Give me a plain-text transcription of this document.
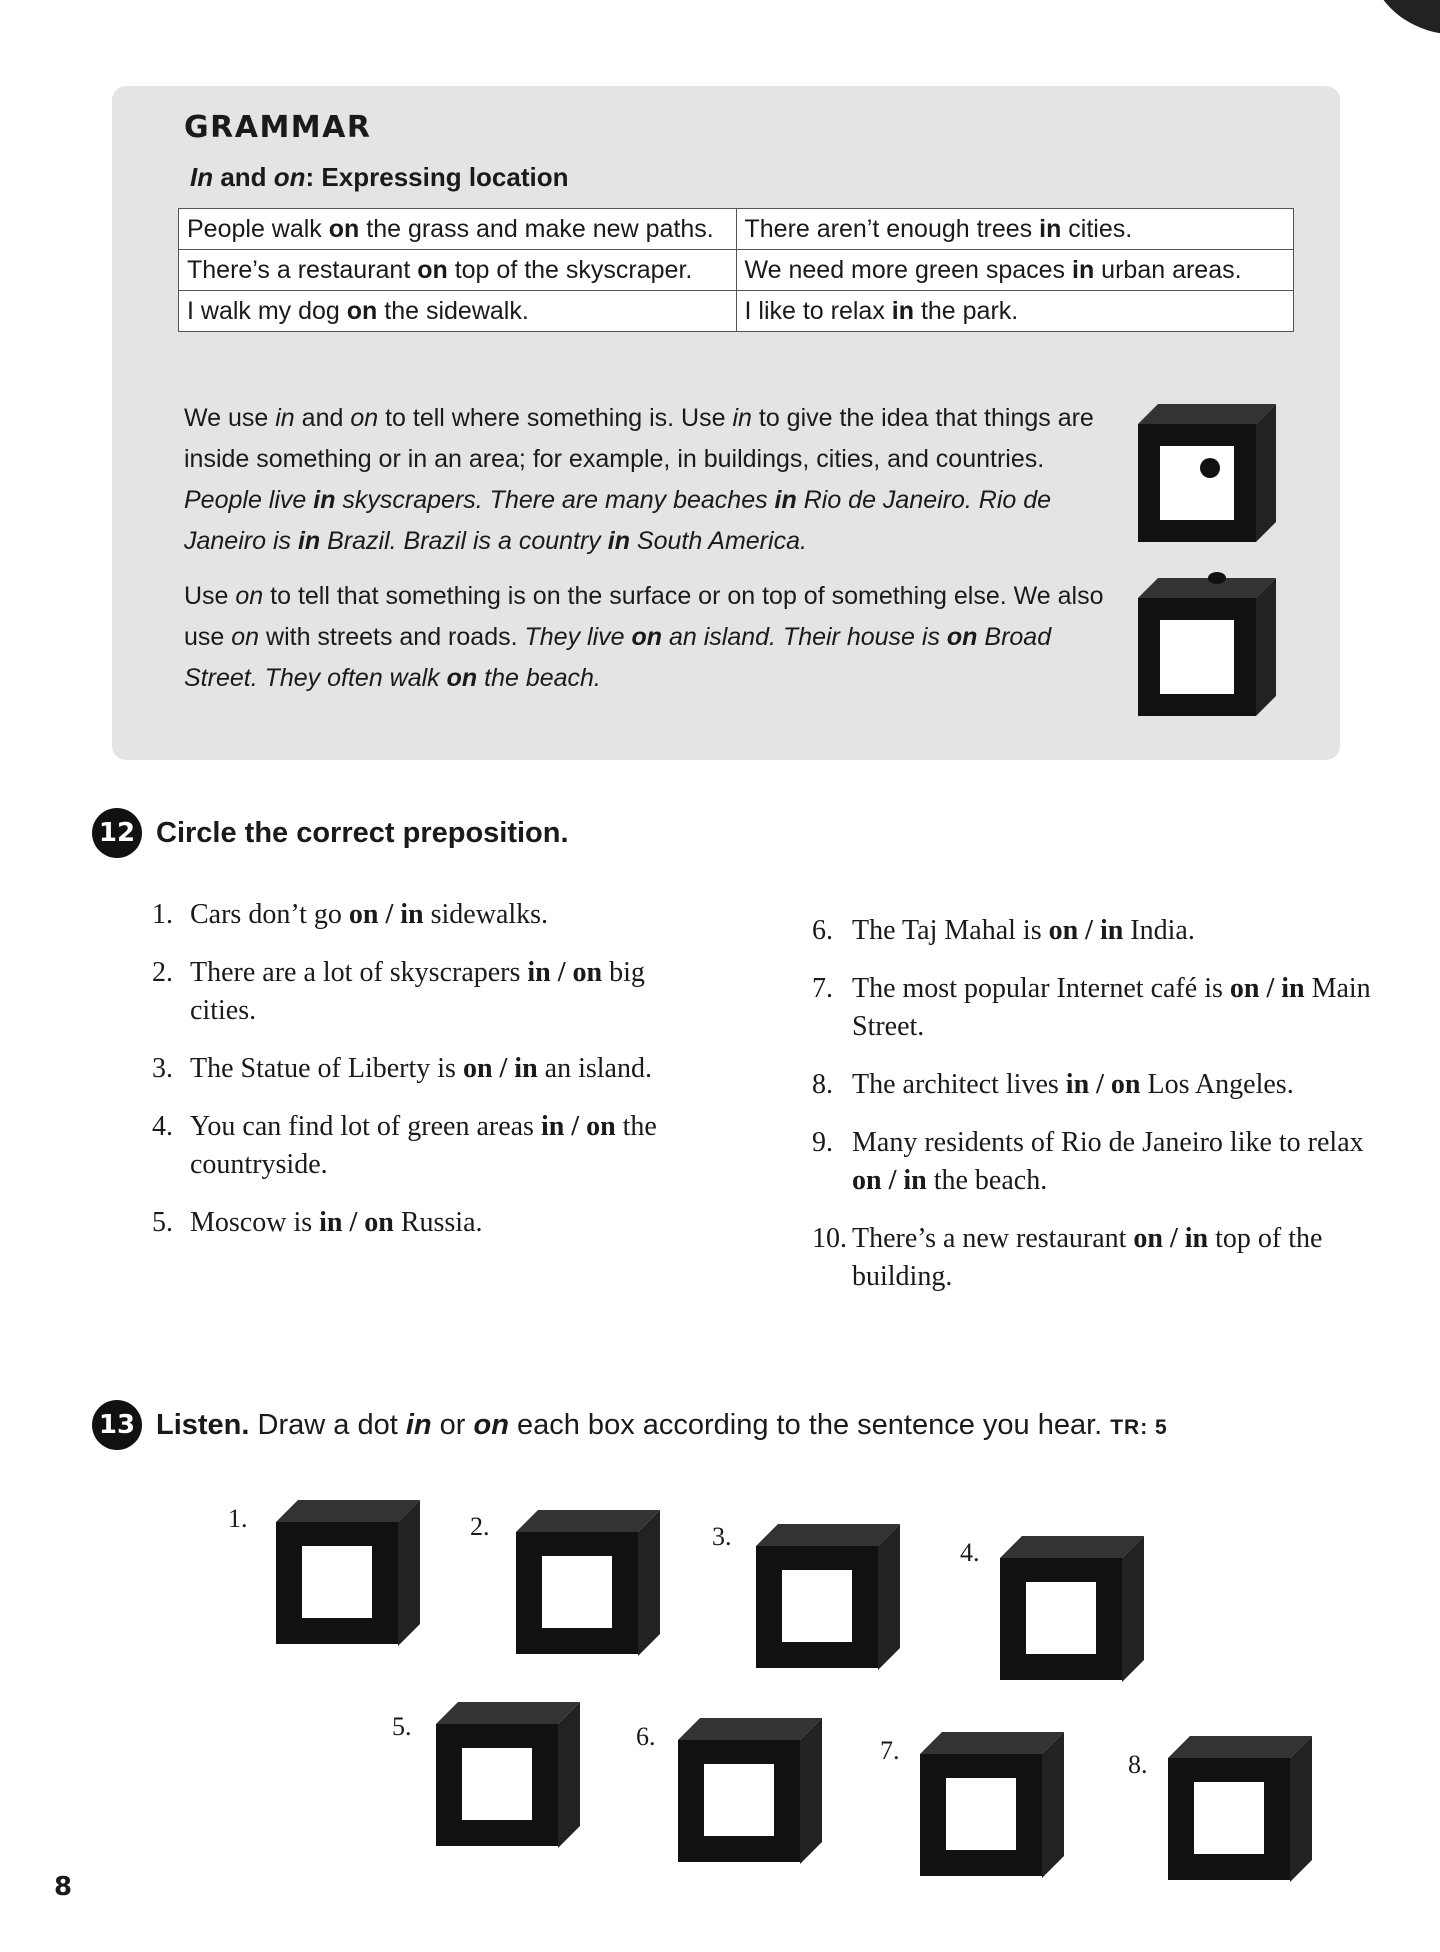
GRAMMAR
In and on: Expressing location
People walk on the grass and make new paths.	There aren’t enough trees in cities.
There’s a restaurant on top of the skyscraper.	We need more green spaces in urban areas.
I walk my dog on the sidewalk.	I like to relax in the park.

We use in and on to tell where something is. Use in to give the idea that things are inside something or in an area; for example, in buildings, cities, and countries. People live in skyscrapers. There are many beaches in Rio de Janeiro. Rio de Janeiro is in Brazil. Brazil is a country in South America.

Use on to tell that something is on the surface or on top of something else. We also use on with streets and roads. They live on an island. Their house is on Broad Street. They often walk on the beach.

12 Circle the correct preposition.
1. Cars don’t go on / in sidewalks.
2. There are a lot of skyscrapers in / on big cities.
3. The Statue of Liberty is on / in an island.
4. You can find lot of green areas in / on the countryside.
5. Moscow is in / on Russia.
6. The Taj Mahal is on / in India.
7. The most popular Internet café is on / in Main Street.
8. The architect lives in / on Los Angeles.
9. Many residents of Rio de Janeiro like to relax on / in the beach.
10. There’s a new restaurant on / in top of the building.
13 Listen. Draw a dot in or on each box according to the sentence you hear. TR: 5
1.	2.	3.
4.
5.	6.	7.	8.
8
